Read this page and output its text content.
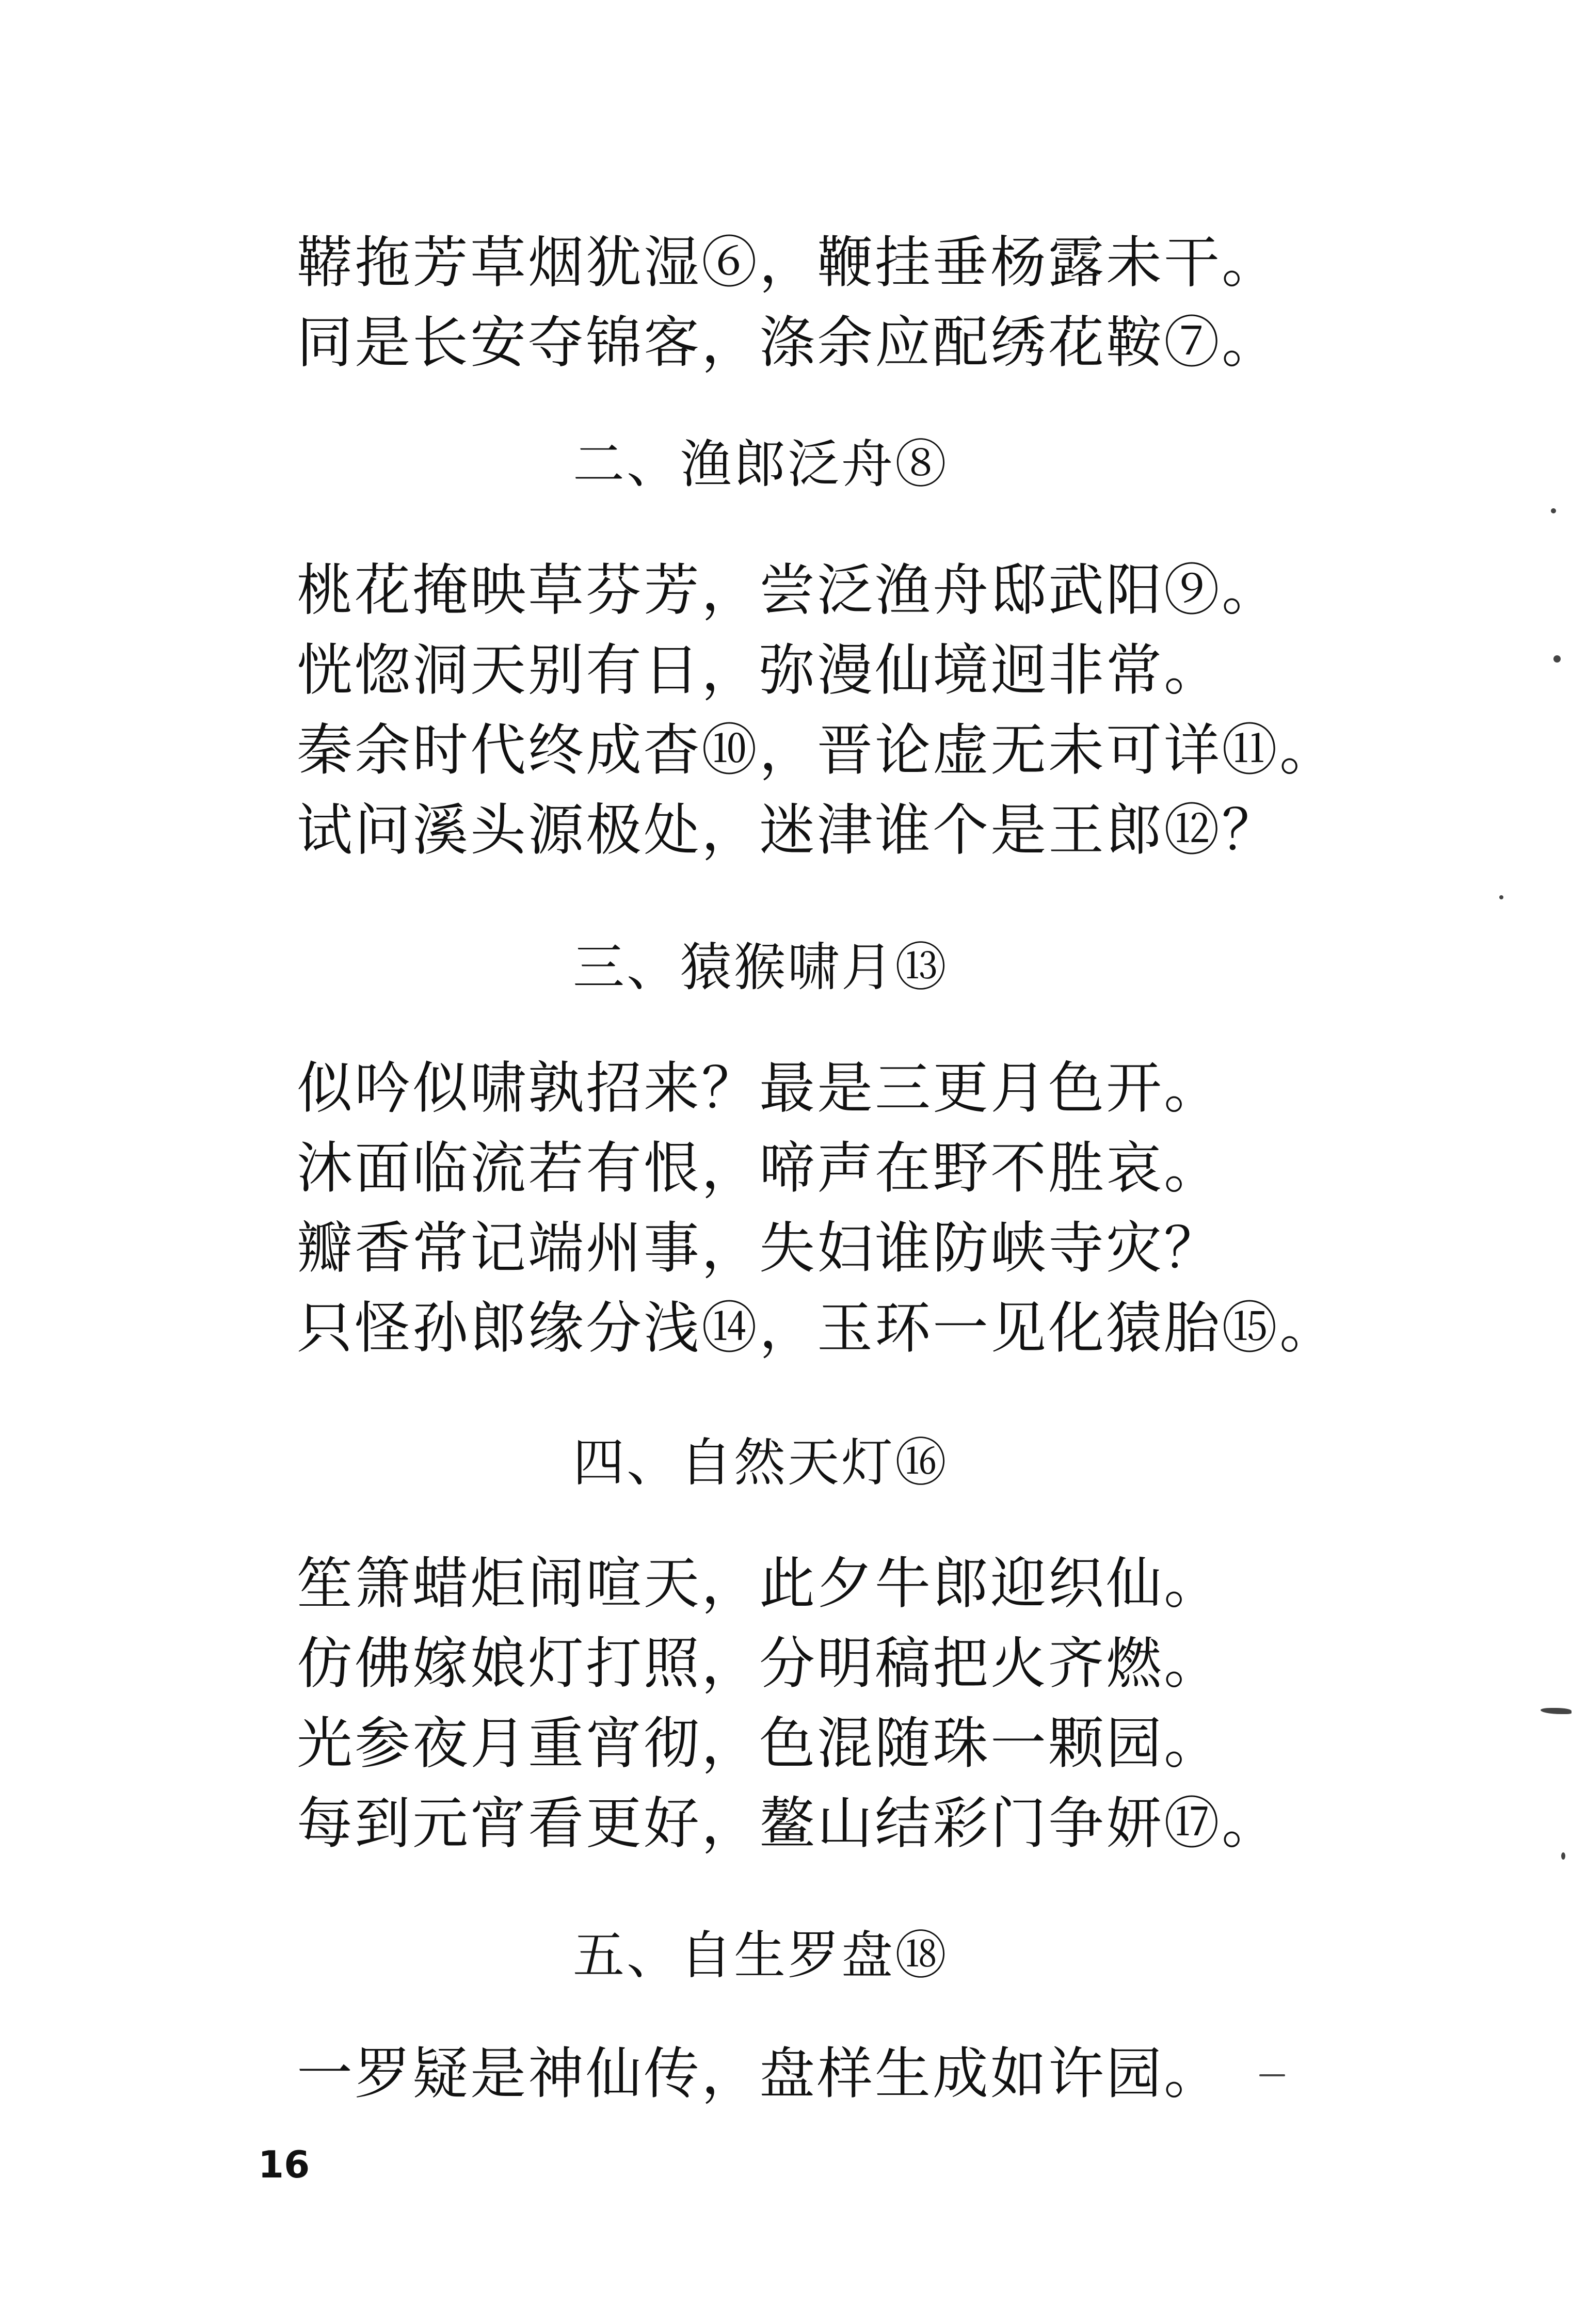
鞯拖芳草烟犹湿⑥，鞭挂垂杨露未干。
同是长安夺锦客，涤余应配绣花鞍⑦。
二、渔郎泛舟⑧
桃花掩映草芬芳，尝泛渔舟邸武阳⑨。
恍惚洞天别有日，弥漫仙境迥非常。
秦余时代终成杳⑩，晋论虚无未可详⑪。
试问溪头源极处，迷津谁个是王郎⑫？
三、猿猴啸月⑬
似吟似啸孰招来？最是三更月色开。
沐面临流若有恨，啼声在野不胜哀。
瓣香常记端州事，失妇谁防峡寺灾？
只怪孙郎缘分浅⑭，玉环一见化猿胎⑮。
四、自然天灯⑯
笙箫蜡炬闹喧天，此夕牛郎迎织仙。
仿佛嫁娘灯打照，分明稿把火齐燃。
光参夜月重宵彻，色混随珠一颗园。
每到元宵看更好，鳌山结彩门争妍⑰。
五、自生罗盘⑱
一罗疑是神仙传，盘样生成如许园。
16
